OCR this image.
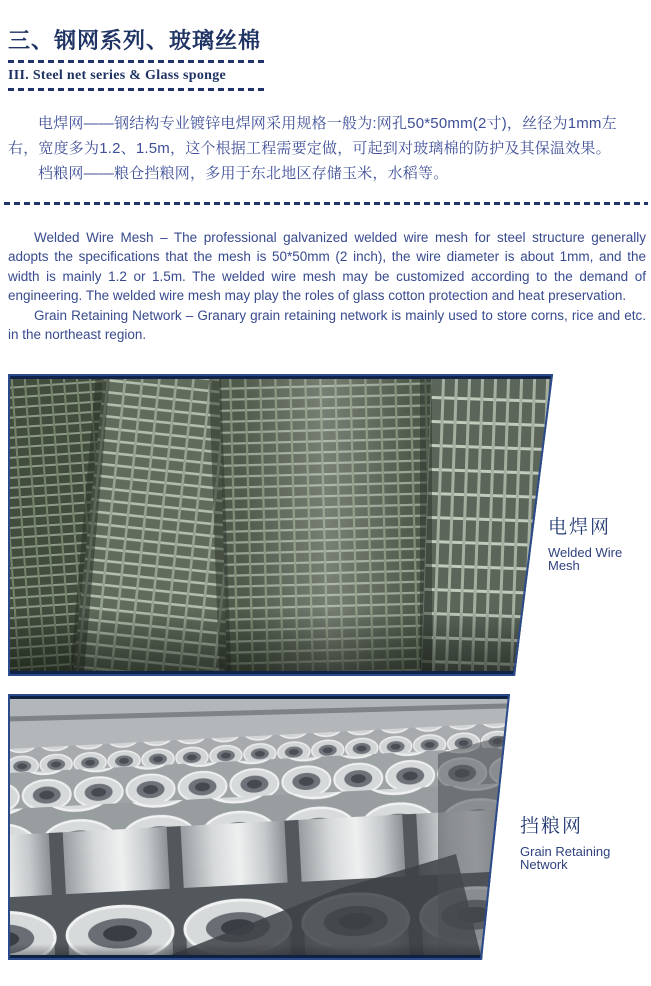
三、钢网系列、玻璃丝棉
III. Steel net series & Glass sponge

电焊网——钢结构专业镀锌电焊网采用规格一般为:网孔50*50mm(2寸)，丝径为1mm左右，宽度多为1.2、1.5m，这个根据工程需要定做，可起到对玻璃棉的防护及其保温效果。

档粮网——粮仓挡粮网，多用于东北地区存储玉米，水稻等。

Welded Wire Mesh – The professional galvanized welded wire mesh for steel structure generally adopts the specifications that the mesh is 50*50mm (2 inch), the wire diameter is about 1mm, and the width is mainly 1.2 or 1.5m. The welded wire mesh may be customized according to the demand of engineering. The welded wire mesh may play the roles of glass cotton protection and heat preservation.

Grain Retaining Network – Granary grain retaining network is mainly used to store corns, rice and etc. in the northeast region.

电焊网

Welded Wire Mesh

挡粮网

Grain Retaining Network
